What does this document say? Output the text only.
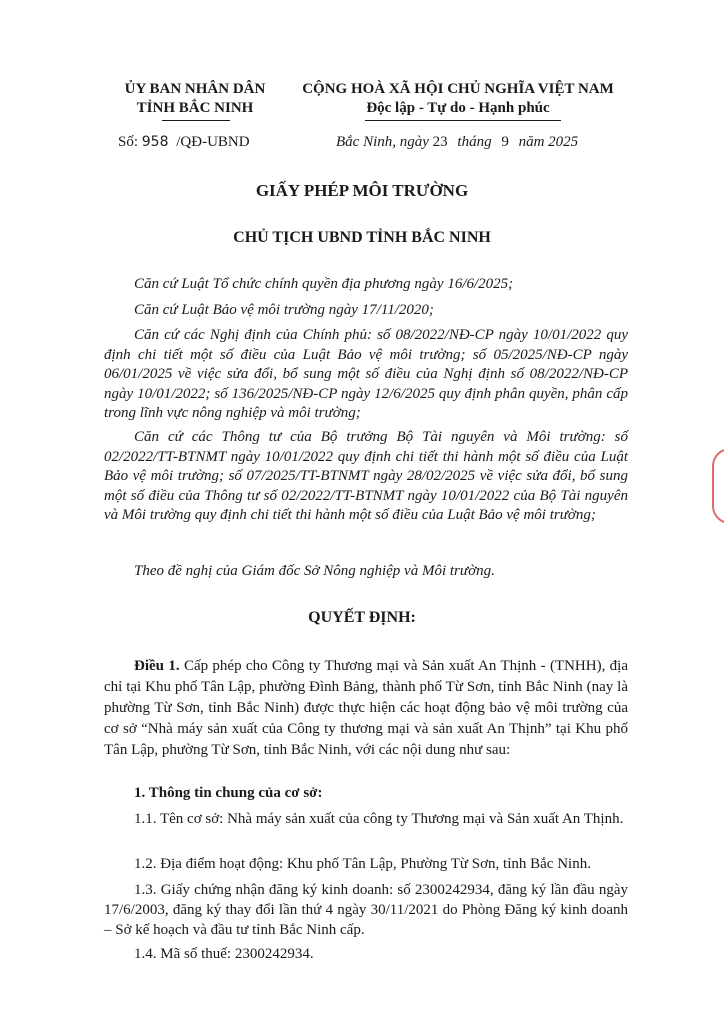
ỦY BAN NHÂN DÂN
TỈNH BẮC NINH
CỘNG HOÀ XÃ HỘI CHỦ NGHĨA VIỆT NAM
Độc lập - Tự do - Hạnh phúc
Số: 958 /QĐ-UBND	Bắc Ninh, ngày 23 tháng 9 năm 2025
GIẤY PHÉP MÔI TRƯỜNG
CHỦ TỊCH UBND TỈNH BẮC NINH
Căn cứ Luật Tổ chức chính quyền địa phương ngày 16/6/2025;
Căn cứ Luật Bảo vệ môi trường ngày 17/11/2020;
Căn cứ các Nghị định của Chính phủ: số 08/2022/NĐ-CP ngày 10/01/2022 quy định chi tiết một số điều của Luật Bảo vệ môi trường; số 05/2025/NĐ-CP ngày 06/01/2025 về việc sửa đổi, bổ sung một số điều của Nghị định số 08/2022/NĐ-CP ngày 10/01/2022; số 136/2025/NĐ-CP ngày 12/6/2025 quy định phân quyền, phân cấp trong lĩnh vực nông nghiệp và môi trường;
Căn cứ các Thông tư của Bộ trưởng Bộ Tài nguyên và Môi trường: số 02/2022/TT-BTNMT ngày 10/01/2022 quy định chi tiết thi hành một số điều của Luật Bảo vệ môi trường; số 07/2025/TT-BTNMT ngày 28/02/2025 về việc sửa đổi, bổ sung một số điều của Thông tư số 02/2022/TT-BTNMT ngày 10/01/2022 của Bộ Tài nguyên và Môi trường quy định chi tiết thi hành một số điều của Luật Bảo vệ môi trường;
Theo đề nghị của Giám đốc Sở Nông nghiệp và Môi trường.
QUYẾT ĐỊNH:
Điều 1. Cấp phép cho Công ty Thương mại và Sản xuất An Thịnh - (TNHH), địa chỉ tại Khu phố Tân Lập, phường Đình Bảng, thành phố Từ Sơn, tỉnh Bắc Ninh (nay là phường Từ Sơn, tỉnh Bắc Ninh) được thực hiện các hoạt động bảo vệ môi trường của cơ sở “Nhà máy sản xuất của Công ty thương mại và sản xuất An Thịnh” tại Khu phố Tân Lập, phường Từ Sơn, tỉnh Bắc Ninh, với các nội dung như sau:
1. Thông tin chung của cơ sở:
1.1. Tên cơ sở: Nhà máy sản xuất của công ty Thương mại và Sản xuất An Thịnh.
1.2. Địa điểm hoạt động: Khu phố Tân Lập, Phường Từ Sơn, tỉnh Bắc Ninh.
1.3. Giấy chứng nhận đăng ký kinh doanh: số 2300242934, đăng ký lần đầu ngày 17/6/2003, đăng ký thay đổi lần thứ 4 ngày 30/11/2021 do Phòng Đăng ký kinh doanh – Sở kế hoạch và đầu tư tỉnh Bắc Ninh cấp.
1.4. Mã số thuế: 2300242934.
